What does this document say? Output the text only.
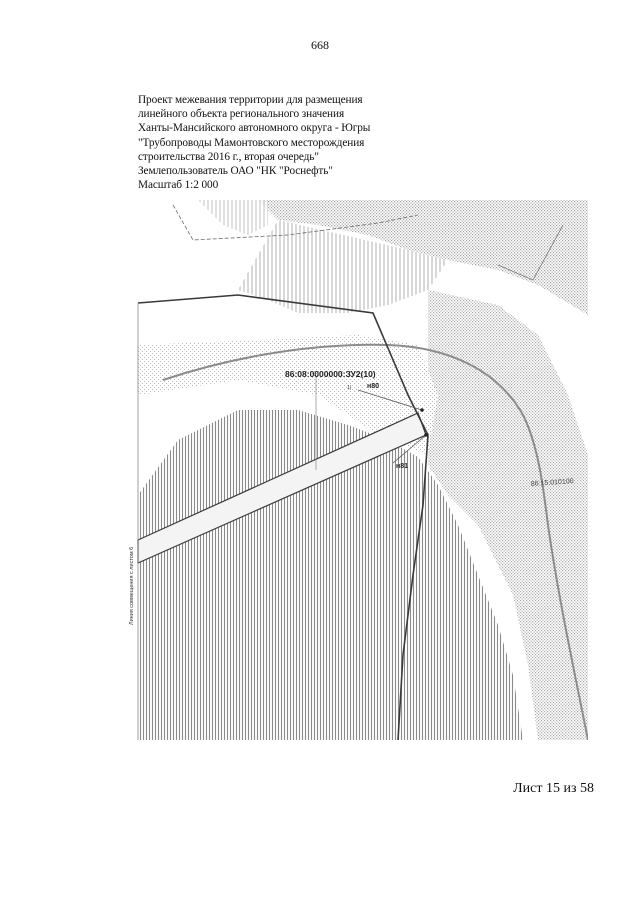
668
Проект межевания территории для размещения
линейного объекта регионального значения
Ханты-Мансийского автономного округа - Югры
"Трубопроводы Мамонтовского месторождения
строительства 2016 г., вторая очередь"
Землепользователь ОАО "НК "Роснефть"
Масштаб 1:2 000
86:08:0000000:ЗУ2(10)
н80
н81
1)
86:15:010100
Линия совмещения с листом 6
Лист 15 из 58
